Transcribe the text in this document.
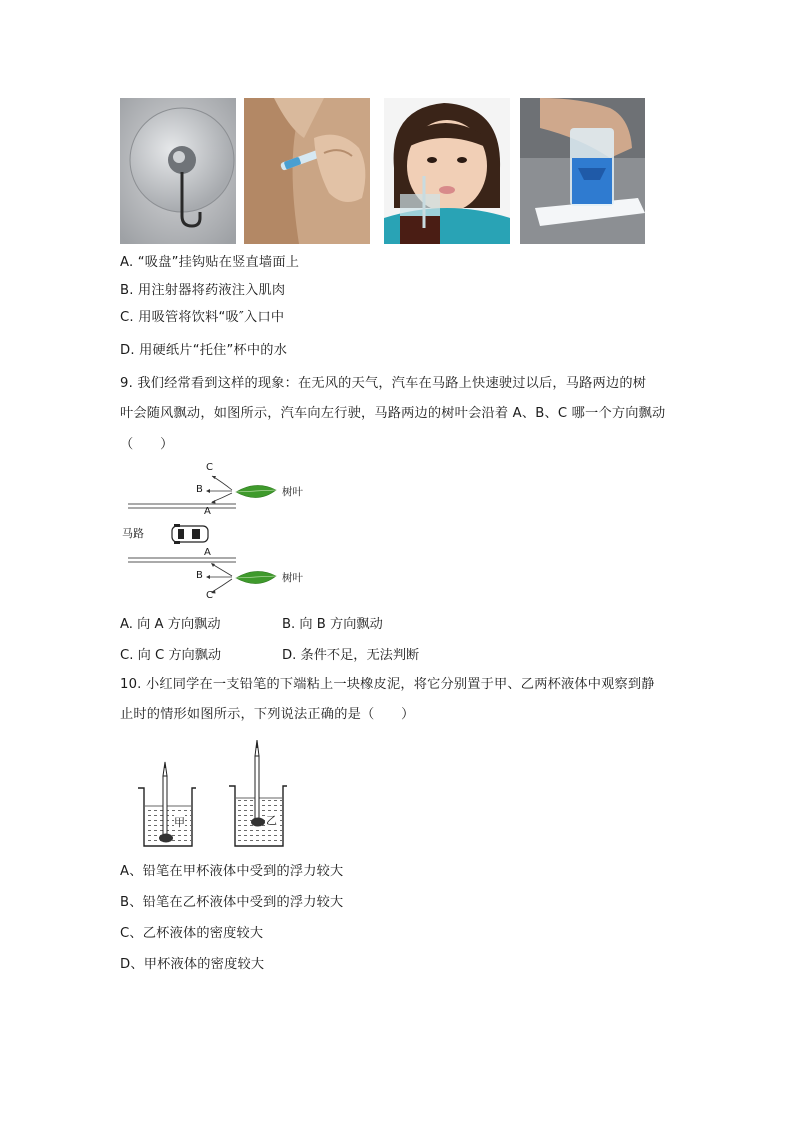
A. “吸盘”挂钩贴在竖直墙面上
B. 用注射器将药液注入肌肉
C. 用吸管将饮料“吸″入口中
D. 用硬纸片“托住”杯中的水
9. 我们经常看到这样的现象：在无风的天气，汽车在马路上快速驶过以后，马路两边的树
叶会随风飘动，如图所示，汽车向左行驶，马路两边的树叶会沿着 A、B、C 哪一个方向飘动
（　　）
C
B
A
树叶
马路
A
B
C
树叶
A. 向 A 方向飘动	B. 向 B 方向飘动
C. 向 C 方向飘动	D. 条件不足，无法判断
10. 小红同学在一支铅笔的下端粘上一块橡皮泥，将它分别置于甲、乙两杯液体中观察到静
止时的情形如图所示，下列说法正确的是（　　）
甲	乙
A、铅笔在甲杯液体中受到的浮力较大
B、铅笔在乙杯液体中受到的浮力较大
C、乙杯液体的密度较大
D、甲杯液体的密度较大
